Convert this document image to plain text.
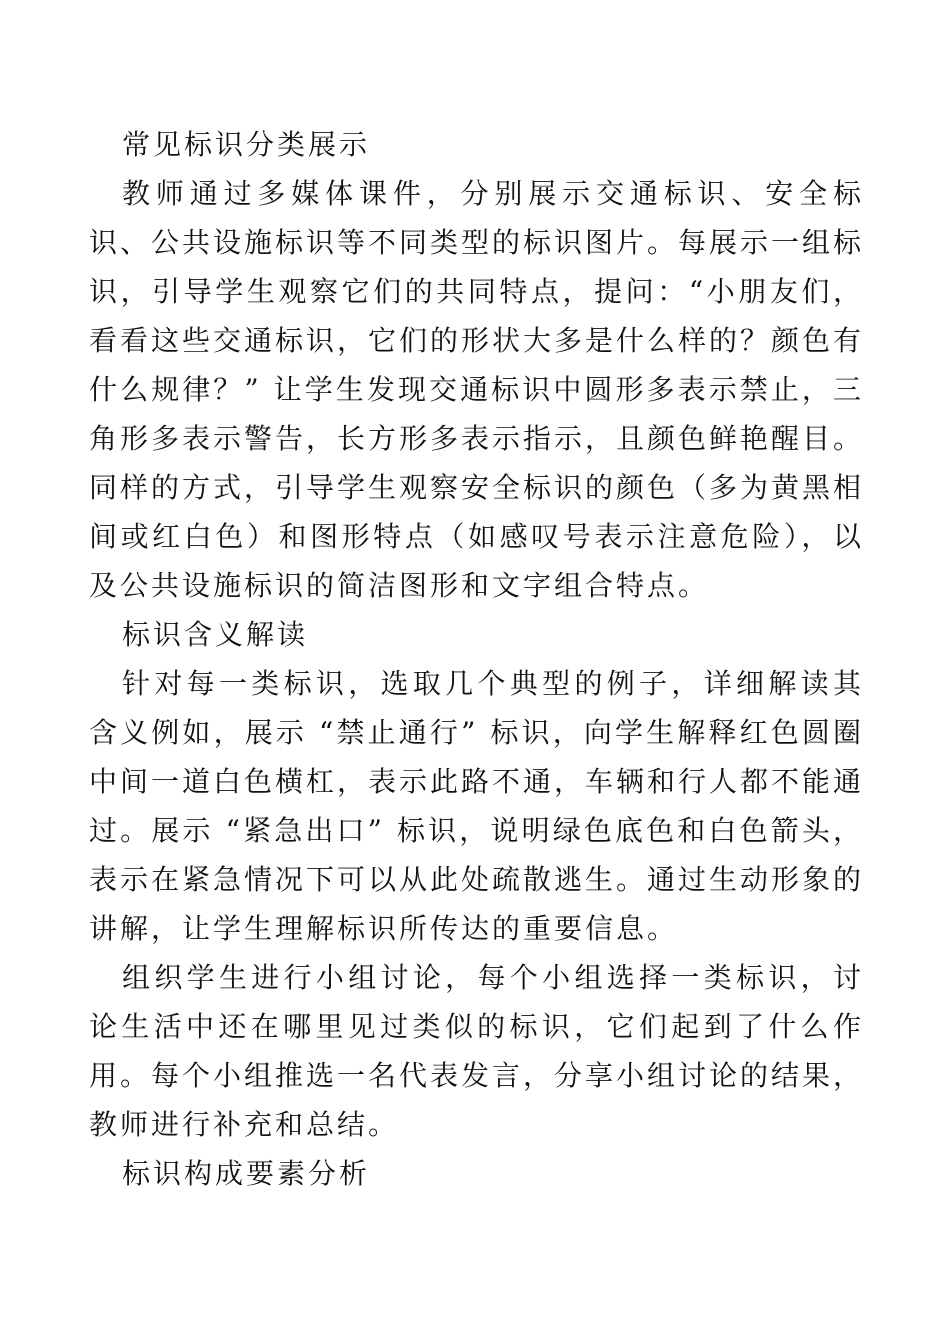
常见标识分类展示

教师通过多媒体课件，分别展示交通标识、安全标识、公共设施标识等不同类型的标识图片。每展示一组标识，引导学生观察它们的共同特点，提问：“小朋友们，看看这些交通标识，它们的形状大多是什么样的？颜色有什么规律？” 让学生发现交通标识中圆形多表示禁止，三角形多表示警告，长方形多表示指示，且颜色鲜艳醒目。同样的方式，引导学生观察安全标识的颜色（多为黄黑相间或红白色）和图形特点（如感叹号表示注意危险），以及公共设施标识的简洁图形和文字组合特点。

标识含义解读

针对每一类标识，选取几个典型的例子，详细解读其含义例如，展示 “禁止通行” 标识，向学生解释红色圆圈中间一道白色横杠，表示此路不通，车辆和行人都不能通过。展示 “紧急出口” 标识，说明绿色底色和白色箭头，表示在紧急情况下可以从此处疏散逃生。通过生动形象的讲解，让学生理解标识所传达的重要信息。

组织学生进行小组讨论，每个小组选择一类标识，讨论生活中还在哪里见过类似的标识，它们起到了什么作用。每个小组推选一名代表发言，分享小组讨论的结果，教师进行补充和总结。

标识构成要素分析
